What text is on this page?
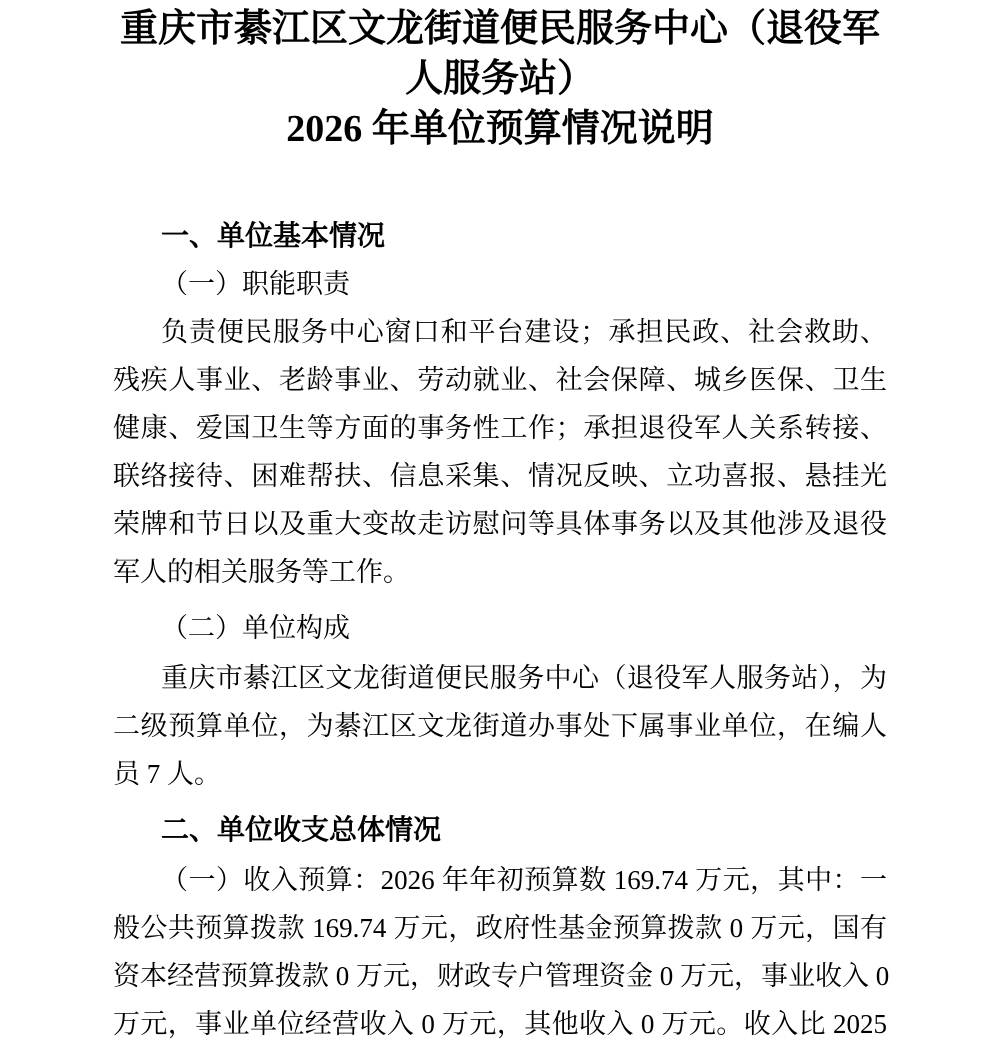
重庆市綦江区文龙街道便民服务中心（退役军人服务站）
2026 年单位预算情况说明
一、单位基本情况
（一）职能职责
负责便民服务中心窗口和平台建设；承担民政、社会救助、
残疾人事业、老龄事业、劳动就业、社会保障、城乡医保、卫生
健康、爱国卫生等方面的事务性工作；承担退役军人关系转接、
联络接待、困难帮扶、信息采集、情况反映、立功喜报、悬挂光
荣牌和节日以及重大变故走访慰问等具体事务以及其他涉及退役
军人的相关服务等工作。
（二）单位构成
重庆市綦江区文龙街道便民服务中心（退役军人服务站），为
二级预算单位，为綦江区文龙街道办事处下属事业单位，在编人
员 7 人。
二、单位收支总体情况
（一）收入预算：2026 年年初预算数 169.74 万元，其中：一
般公共预算拨款 169.74 万元，政府性基金预算拨款 0 万元，国有
资本经营预算拨款 0 万元，财政专户管理资金 0 万元，事业收入 0
万元，事业单位经营收入 0 万元，其他收入 0 万元。收入比 2025
